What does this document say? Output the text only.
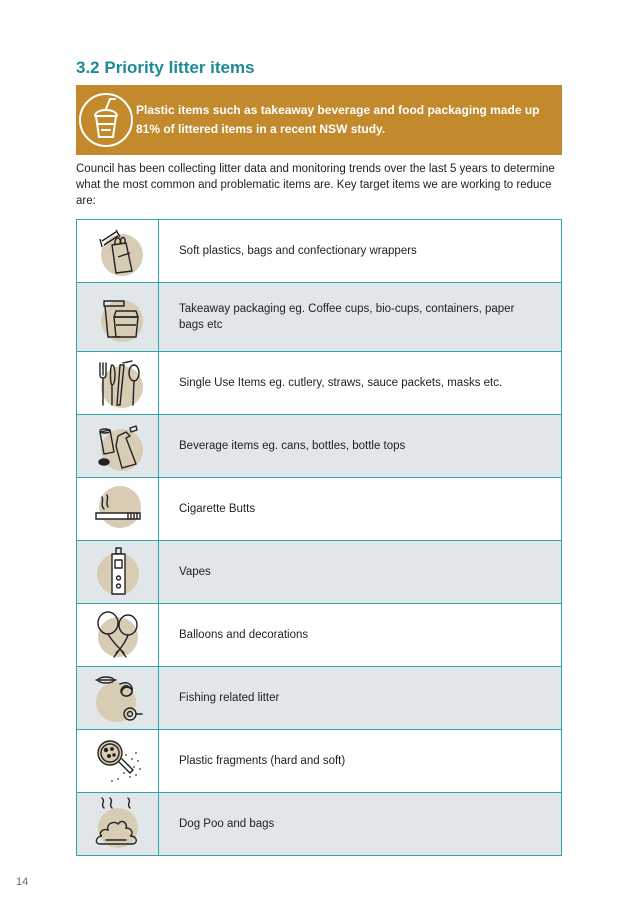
3.2 Priority litter items
Plastic items such as takeaway beverage and food packaging made up 81% of littered items in a recent NSW study.

Council has been collecting litter data and monitoring trends over the last 5 years to determine what the most common and problematic items are. Key target items we are working to reduce are:

	Soft plastics, bags and confectionary wrappers

	Takeaway packaging eg. Coffee cups, bio-cups, containers, paper bags etc

	Single Use Items eg. cutlery, straws, sauce packets, masks etc.

	Beverage items eg. cans, bottles, bottle tops

	Cigarette Butts

	Vapes

	Balloons and decorations

	Fishing related litter

	Plastic fragments (hard and soft)

	Dog Poo and bags
14
